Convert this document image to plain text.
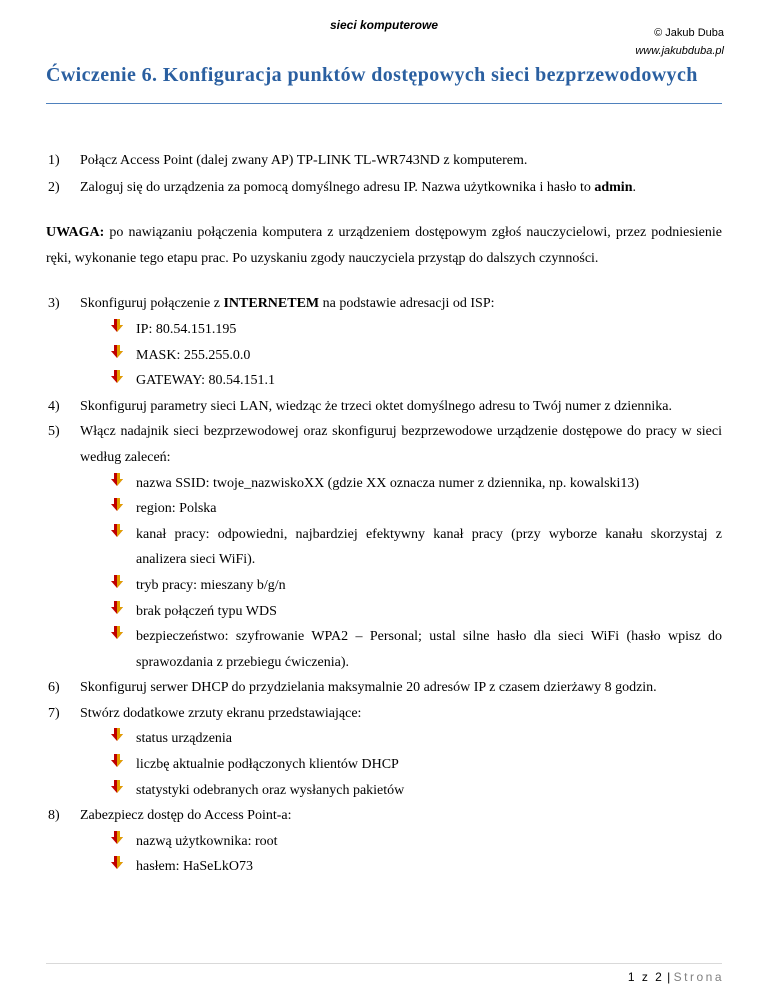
sieci komputerowe
© Jakub Duba
www.jakubduba.pl
Ćwiczenie 6. Konfiguracja punktów dostępowych sieci bezprzewodowych
1)	Połącz Access Point (dalej zwany AP) TP-LINK TL-WR743ND z komputerem.
2)	Zaloguj się do urządzenia za pomocą domyślnego adresu IP. Nazwa użytkownika i hasło to admin.

UWAGA: po nawiązaniu połączenia komputera z urządzeniem dostępowym zgłoś nauczycielowi, przez podniesienie ręki, wykonanie tego etapu prac. Po uzyskaniu zgody nauczyciela przystąp do dalszych czynności.

3)	Skonfiguruj połączenie z INTERNETEM na podstawie adresacji od ISP:
IP: 80.54.151.195
MASK: 255.255.0.0
GATEWAY: 80.54.151.1
4)	Skonfiguruj parametry sieci LAN, wiedząc że trzeci oktet domyślnego adresu to Twój numer z dziennika.
5)	Włącz nadajnik sieci bezprzewodowej oraz skonfiguruj bezprzewodowe urządzenie dostępowe do pracy w sieci według zaleceń:
nazwa SSID: twoje_nazwiskoXX (gdzie XX oznacza numer z dziennika, np. kowalski13)
region: Polska
kanał pracy: odpowiedni, najbardziej efektywny kanał pracy (przy wyborze kanału skorzystaj z analizera sieci WiFi).
tryb pracy: mieszany b/g/n
brak połączeń typu WDS
bezpieczeństwo: szyfrowanie WPA2 – Personal; ustal silne hasło dla sieci WiFi (hasło wpisz do sprawozdania z przebiegu ćwiczenia).
6)	Skonfiguruj serwer DHCP do przydzielania maksymalnie 20 adresów IP z czasem dzierżawy 8 godzin.
7)	Stwórz dodatkowe zrzuty ekranu przedstawiające:
status urządzenia
liczbę aktualnie podłączonych klientów DHCP
statystyki odebranych oraz wysłanych pakietów
8)	Zabezpiecz dostęp do Access Point-a:
nazwą użytkownika: root
hasłem: HaSeLkO73
1 z 2 | Strona
